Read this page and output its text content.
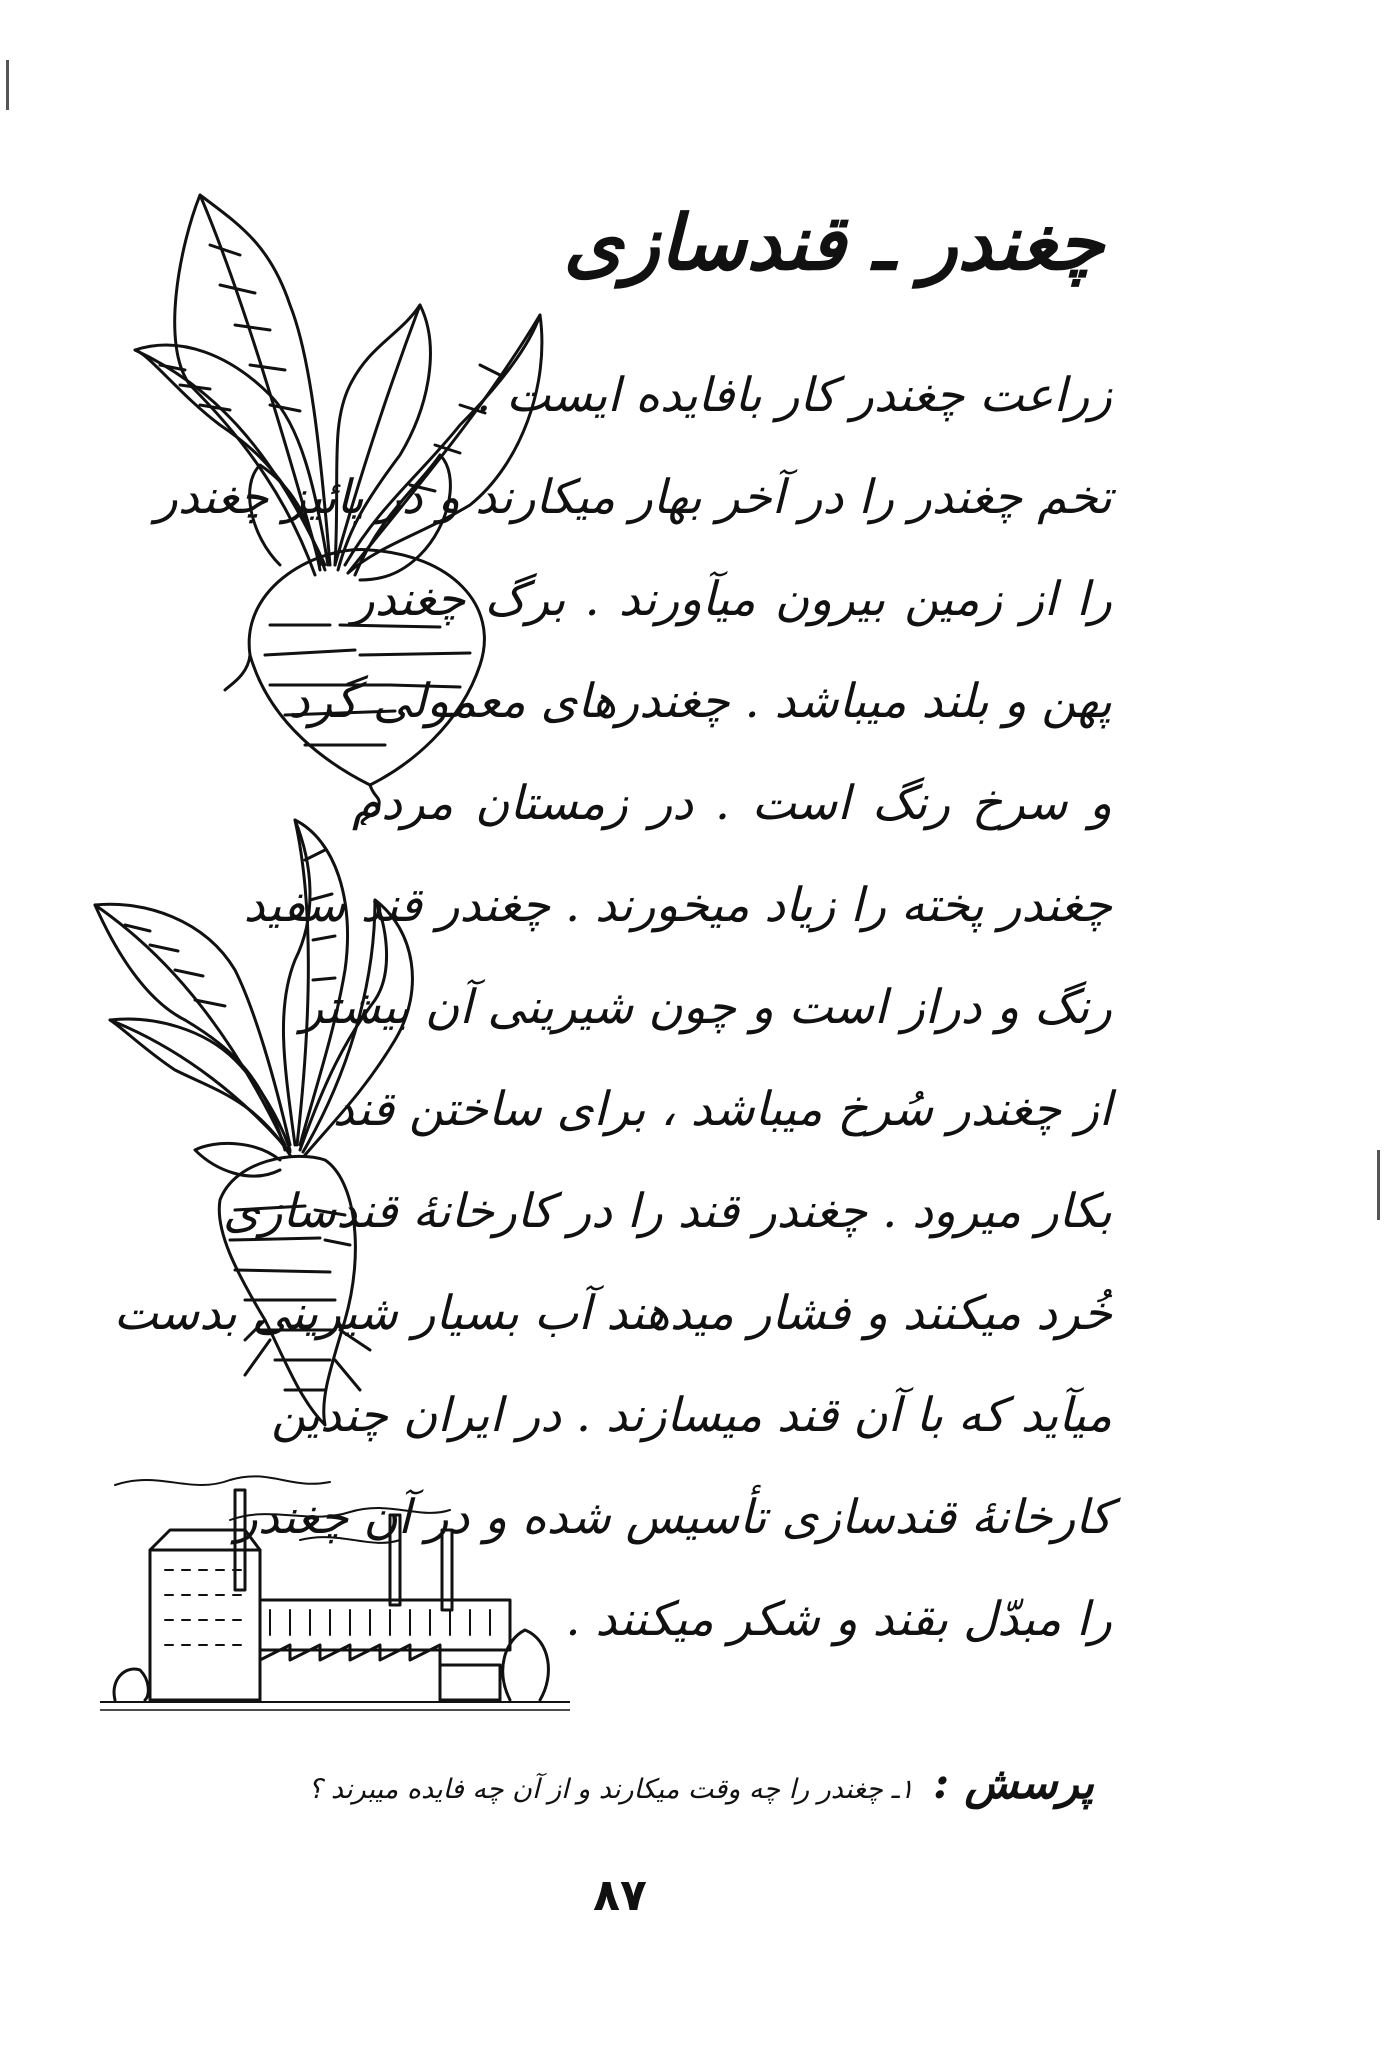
چغندر ـ قندسازی
زراعت چغندر کار بافایده ایست .
تخم چغندر را در آخر بهار میکارند و در پائیز چغندر
را از زمین بیرون میآورند . برگ چغندر
پهن و بلند میباشد . چغندرهای معمولی گرد
و سرخ رنگ است . در زمستان مردم
چغندر پخته را زیاد میخورند . چغندر قند سفید
رنگ و دراز است و چون شیرینی آن بیشتر
از چغندر سُرخ میباشد ، برای ساختن قند
بکار میرود . چغندر قند را در کارخانهٔ قندسازی
خُرد میکنند و فشار میدهند آب بسیار شیرینی بدست
میآید که با آن قند میسازند . در ایران چندین
کارخانهٔ قندسازی تأسیس شده و در آن چغندر
را مبدّل بقند و شکر میکنند .
پرسش : ۱ـ چغندر را چه وقت میکارند و از آن چه فایده میبرند ؟
۸۷
